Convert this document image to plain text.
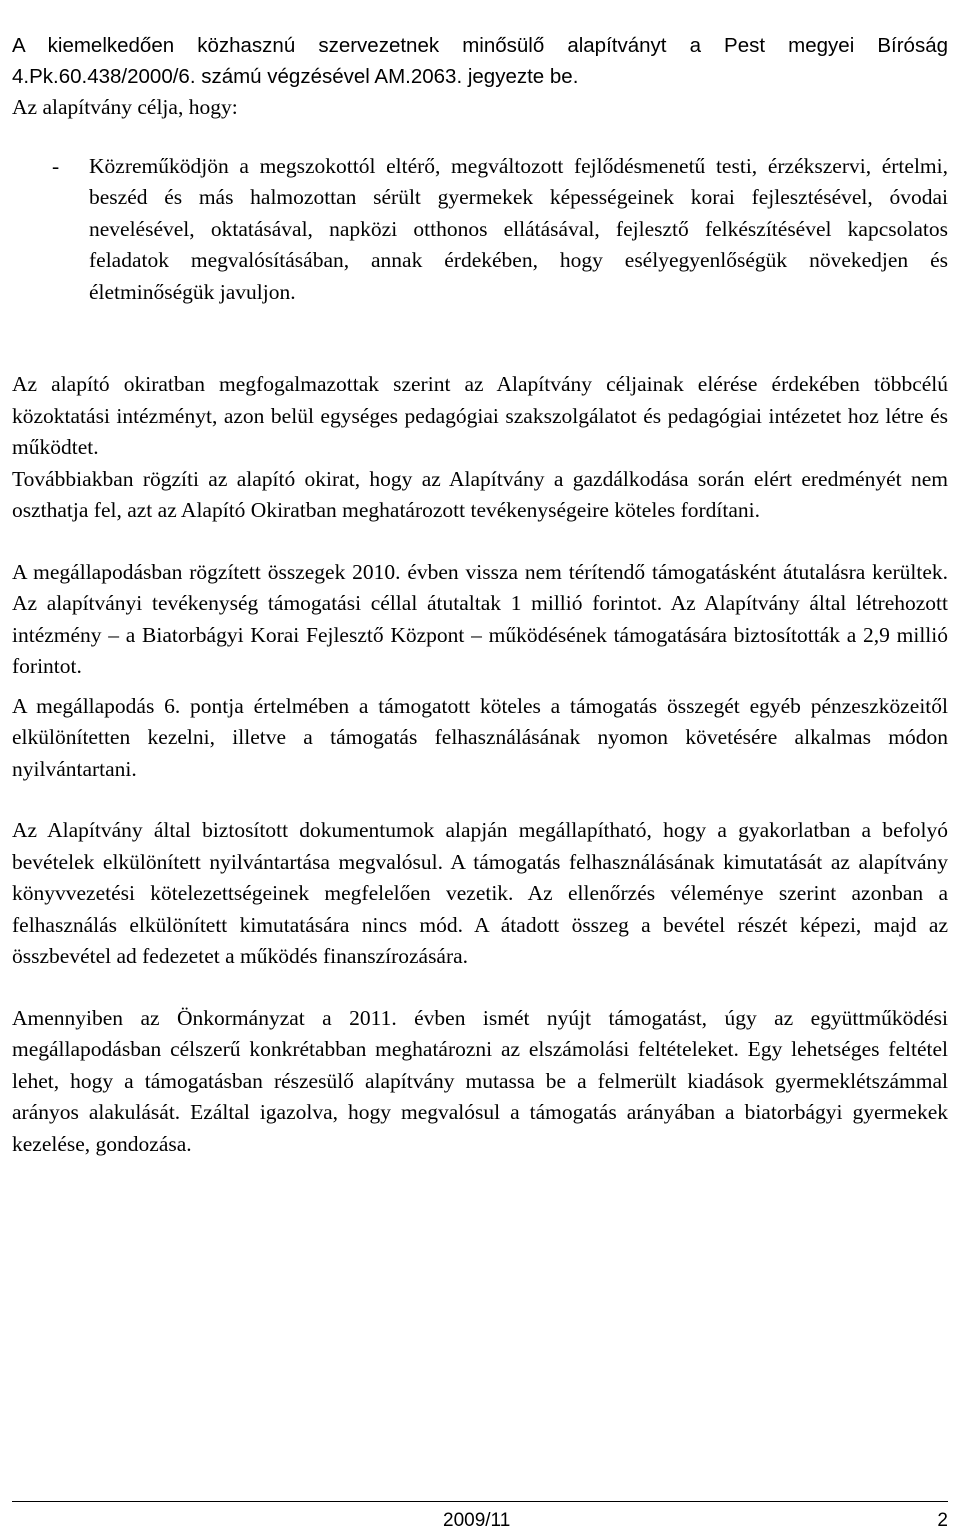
A kiemelkedően közhasznú szervezetnek minősülő alapítványt a Pest megyei Bíróság 4.Pk.60.438/2000/6. számú végzésével AM.2063. jegyezte be.

Az alapítvány célja, hogy:

- Közreműködjön a megszokottól eltérő, megváltozott fejlődésmenetű testi, érzékszervi, értelmi, beszéd és más halmozottan sérült gyermekek képességeinek korai fejlesztésével, óvodai nevelésével, oktatásával, napközi otthonos ellátásával, fejlesztő felkészítésével kapcsolatos feladatok megvalósításában, annak érdekében, hogy esélyegyenlőségük növekedjen és életminőségük javuljon.

Az alapító okiratban megfogalmazottak szerint az Alapítvány céljainak elérése érdekében többcélú közoktatási intézményt, azon belül egységes pedagógiai szakszolgálatot és pedagógiai intézetet hoz létre és működtet.

Továbbiakban rögzíti az alapító okirat, hogy az Alapítvány a gazdálkodása során elért eredményét nem oszthatja fel, azt az Alapító Okiratban meghatározott tevékenységeire köteles fordítani.

A megállapodásban rögzített összegek 2010. évben vissza nem térítendő támogatásként átutalásra kerültek. Az alapítványi tevékenység támogatási céllal átutaltak 1 millió forintot. Az Alapítvány által létrehozott intézmény – a Biatorbágyi Korai Fejlesztő Központ – működésének támogatására biztosították a 2,9 millió forintot.

A megállapodás 6. pontja értelmében a támogatott köteles a támogatás összegét egyéb pénzeszközeitől elkülönítetten kezelni, illetve a támogatás felhasználásának nyomon követésére alkalmas módon nyilvántartani.

Az Alapítvány által biztosított dokumentumok alapján megállapítható, hogy a gyakorlatban a befolyó bevételek elkülönített nyilvántartása megvalósul. A támogatás felhasználásának kimutatását az alapítvány könyvvezetési kötelezettségeinek megfelelően vezetik. Az ellenőrzés véleménye szerint azonban a felhasználás elkülönített kimutatására nincs mód. A átadott összeg a bevétel részét képezi, majd az összbevétel ad fedezetet a működés finanszírozására.

Amennyiben az Önkormányzat a 2011. évben ismét nyújt támogatást, úgy az együttműködési megállapodásban célszerű konkrétabban meghatározni az elszámolási feltételeket. Egy lehetséges feltétel lehet, hogy a támogatásban részesülő alapítvány mutassa be a felmerült kiadások gyermeklétszámmal arányos alakulását. Ezáltal igazolva, hogy megvalósul a támogatás arányában a biatorbágyi gyermekek kezelése, gondozása.

2009/11	2
